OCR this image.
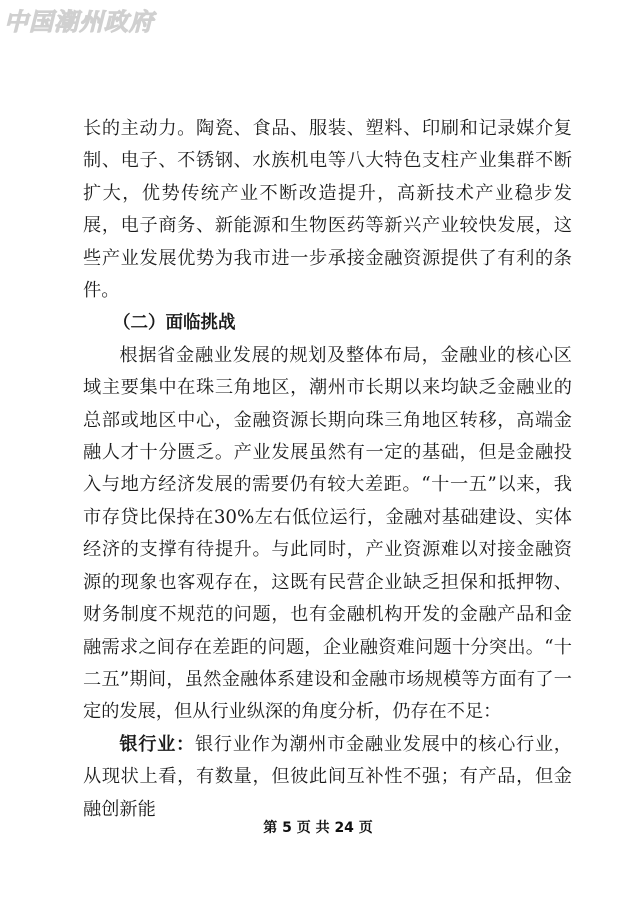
中国潮州政府

长的主动力。陶瓷、食品、服装、塑料、印刷和记录媒介复制、电子、不锈钢、水族机电等八大特色支柱产业集群不断扩大，优势传统产业不断改造提升，高新技术产业稳步发展，电子商务、新能源和生物医药等新兴产业较快发展，这些产业发展优势为我市进一步承接金融资源提供了有利的条件。

（二）面临挑战

根据省金融业发展的规划及整体布局，金融业的核心区域主要集中在珠三角地区，潮州市长期以来均缺乏金融业的总部或地区中心，金融资源长期向珠三角地区转移，高端金融人才十分匮乏。产业发展虽然有一定的基础，但是金融投入与地方经济发展的需要仍有较大差距。“十一五”以来，我市存贷比保持在30%左右低位运行，金融对基础建设、实体经济的支撑有待提升。与此同时，产业资源难以对接金融资源的现象也客观存在，这既有民营企业缺乏担保和抵押物、财务制度不规范的问题，也有金融机构开发的金融产品和金融需求之间存在差距的问题，企业融资难问题十分突出。“十二五”期间，虽然金融体系建设和金融市场规模等方面有了一定的发展，但从行业纵深的角度分析，仍存在不足：

银行业：银行业作为潮州市金融业发展中的核心行业，从现状上看，有数量，但彼此间互补性不强；有产品，但金融创新能

第 5 页 共 24 页
